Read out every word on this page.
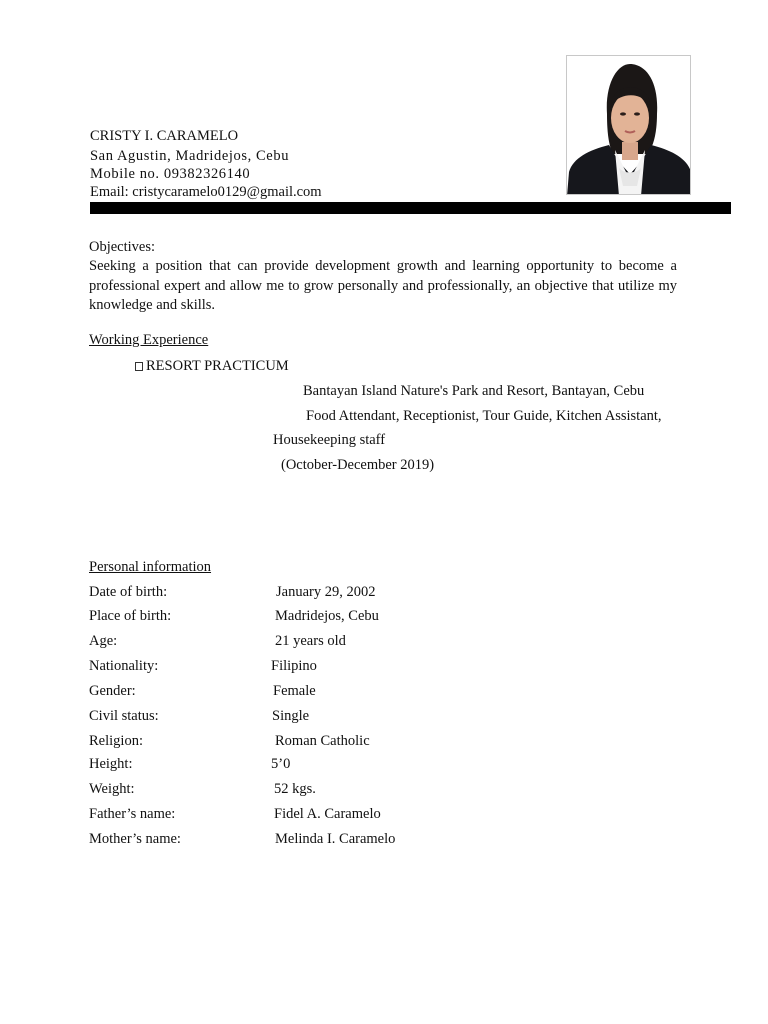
CRISTY I. CARAMELO
San Agustin, Madridejos, Cebu
Mobile no. 09382326140
Email: cristycaramelo0129@gmail.com
Objectives:
Seeking a position that can provide development growth and learning opportunity to become a professional expert and allow me to grow personally and professionally, an objective that utilize my knowledge and skills.
Working Experience
RESORT PRACTICUM
Bantayan Island Nature's Park and Resort, Bantayan, Cebu
Food Attendant, Receptionist, Tour Guide, Kitchen Assistant,
Housekeeping staff
(October-December 2019)
Personal information
Date of birth:	January 29, 2002
Place of birth:	Madridejos, Cebu
Age:	21 years old
Nationality:	Filipino
Gender:	Female
Civil status:	Single
Religion:	Roman Catholic
Height:	5’0
Weight:	52 kgs.
Father’s name:	Fidel A. Caramelo
Mother’s name:	Melinda I. Caramelo
